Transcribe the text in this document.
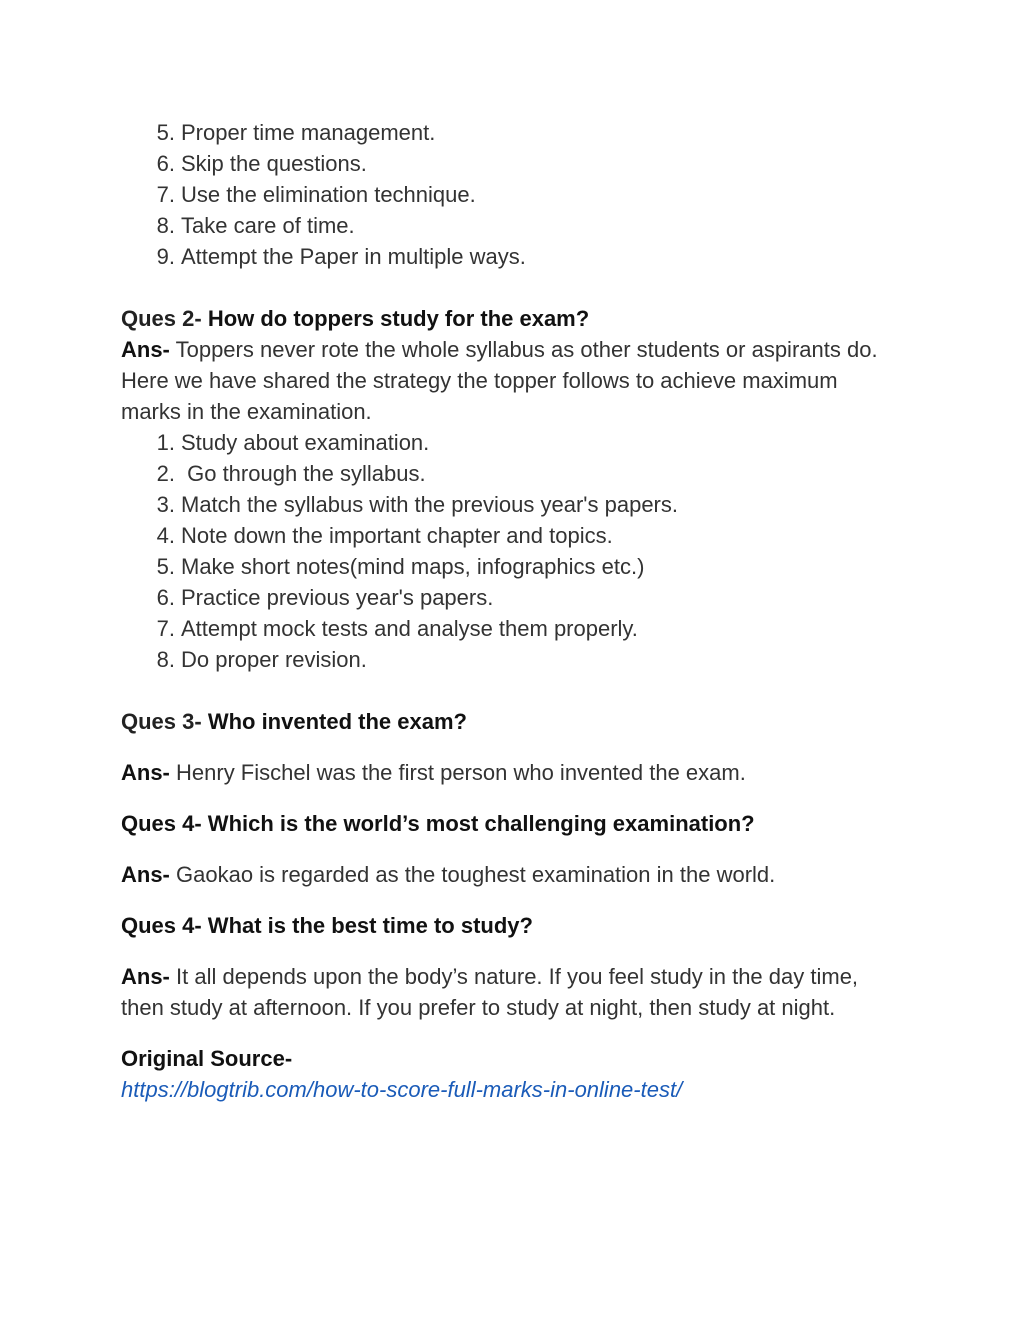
5. Proper time management.
6. Skip the questions.
7. Use the elimination technique.
8. Take care of time.
9. Attempt the Paper in multiple ways.

Ques 2- How do toppers study for the exam?

Ans- Toppers never rote the whole syllabus as other students or aspirants do. Here we have shared the strategy the topper follows to achieve maximum marks in the examination.

1. Study about examination.
2. Go through the syllabus.
3. Match the syllabus with the previous year's papers.
4. Note down the important chapter and topics.
5. Make short notes(mind maps, infographics etc.)
6. Practice previous year's papers.
7. Attempt mock tests and analyse them properly.
8. Do proper revision.

Ques 3- Who invented the exam?

Ans- Henry Fischel was the first person who invented the exam.

Ques 4- Which is the world’s most challenging examination?

Ans- Gaokao is regarded as the toughest examination in the world.

Ques 4- What is the best time to study?

Ans- It all depends upon the body’s nature. If you feel study in the day time, then study at afternoon. If you prefer to study at night, then study at night.

Original Source-

https://blogtrib.com/how-to-score-full-marks-in-online-test/
